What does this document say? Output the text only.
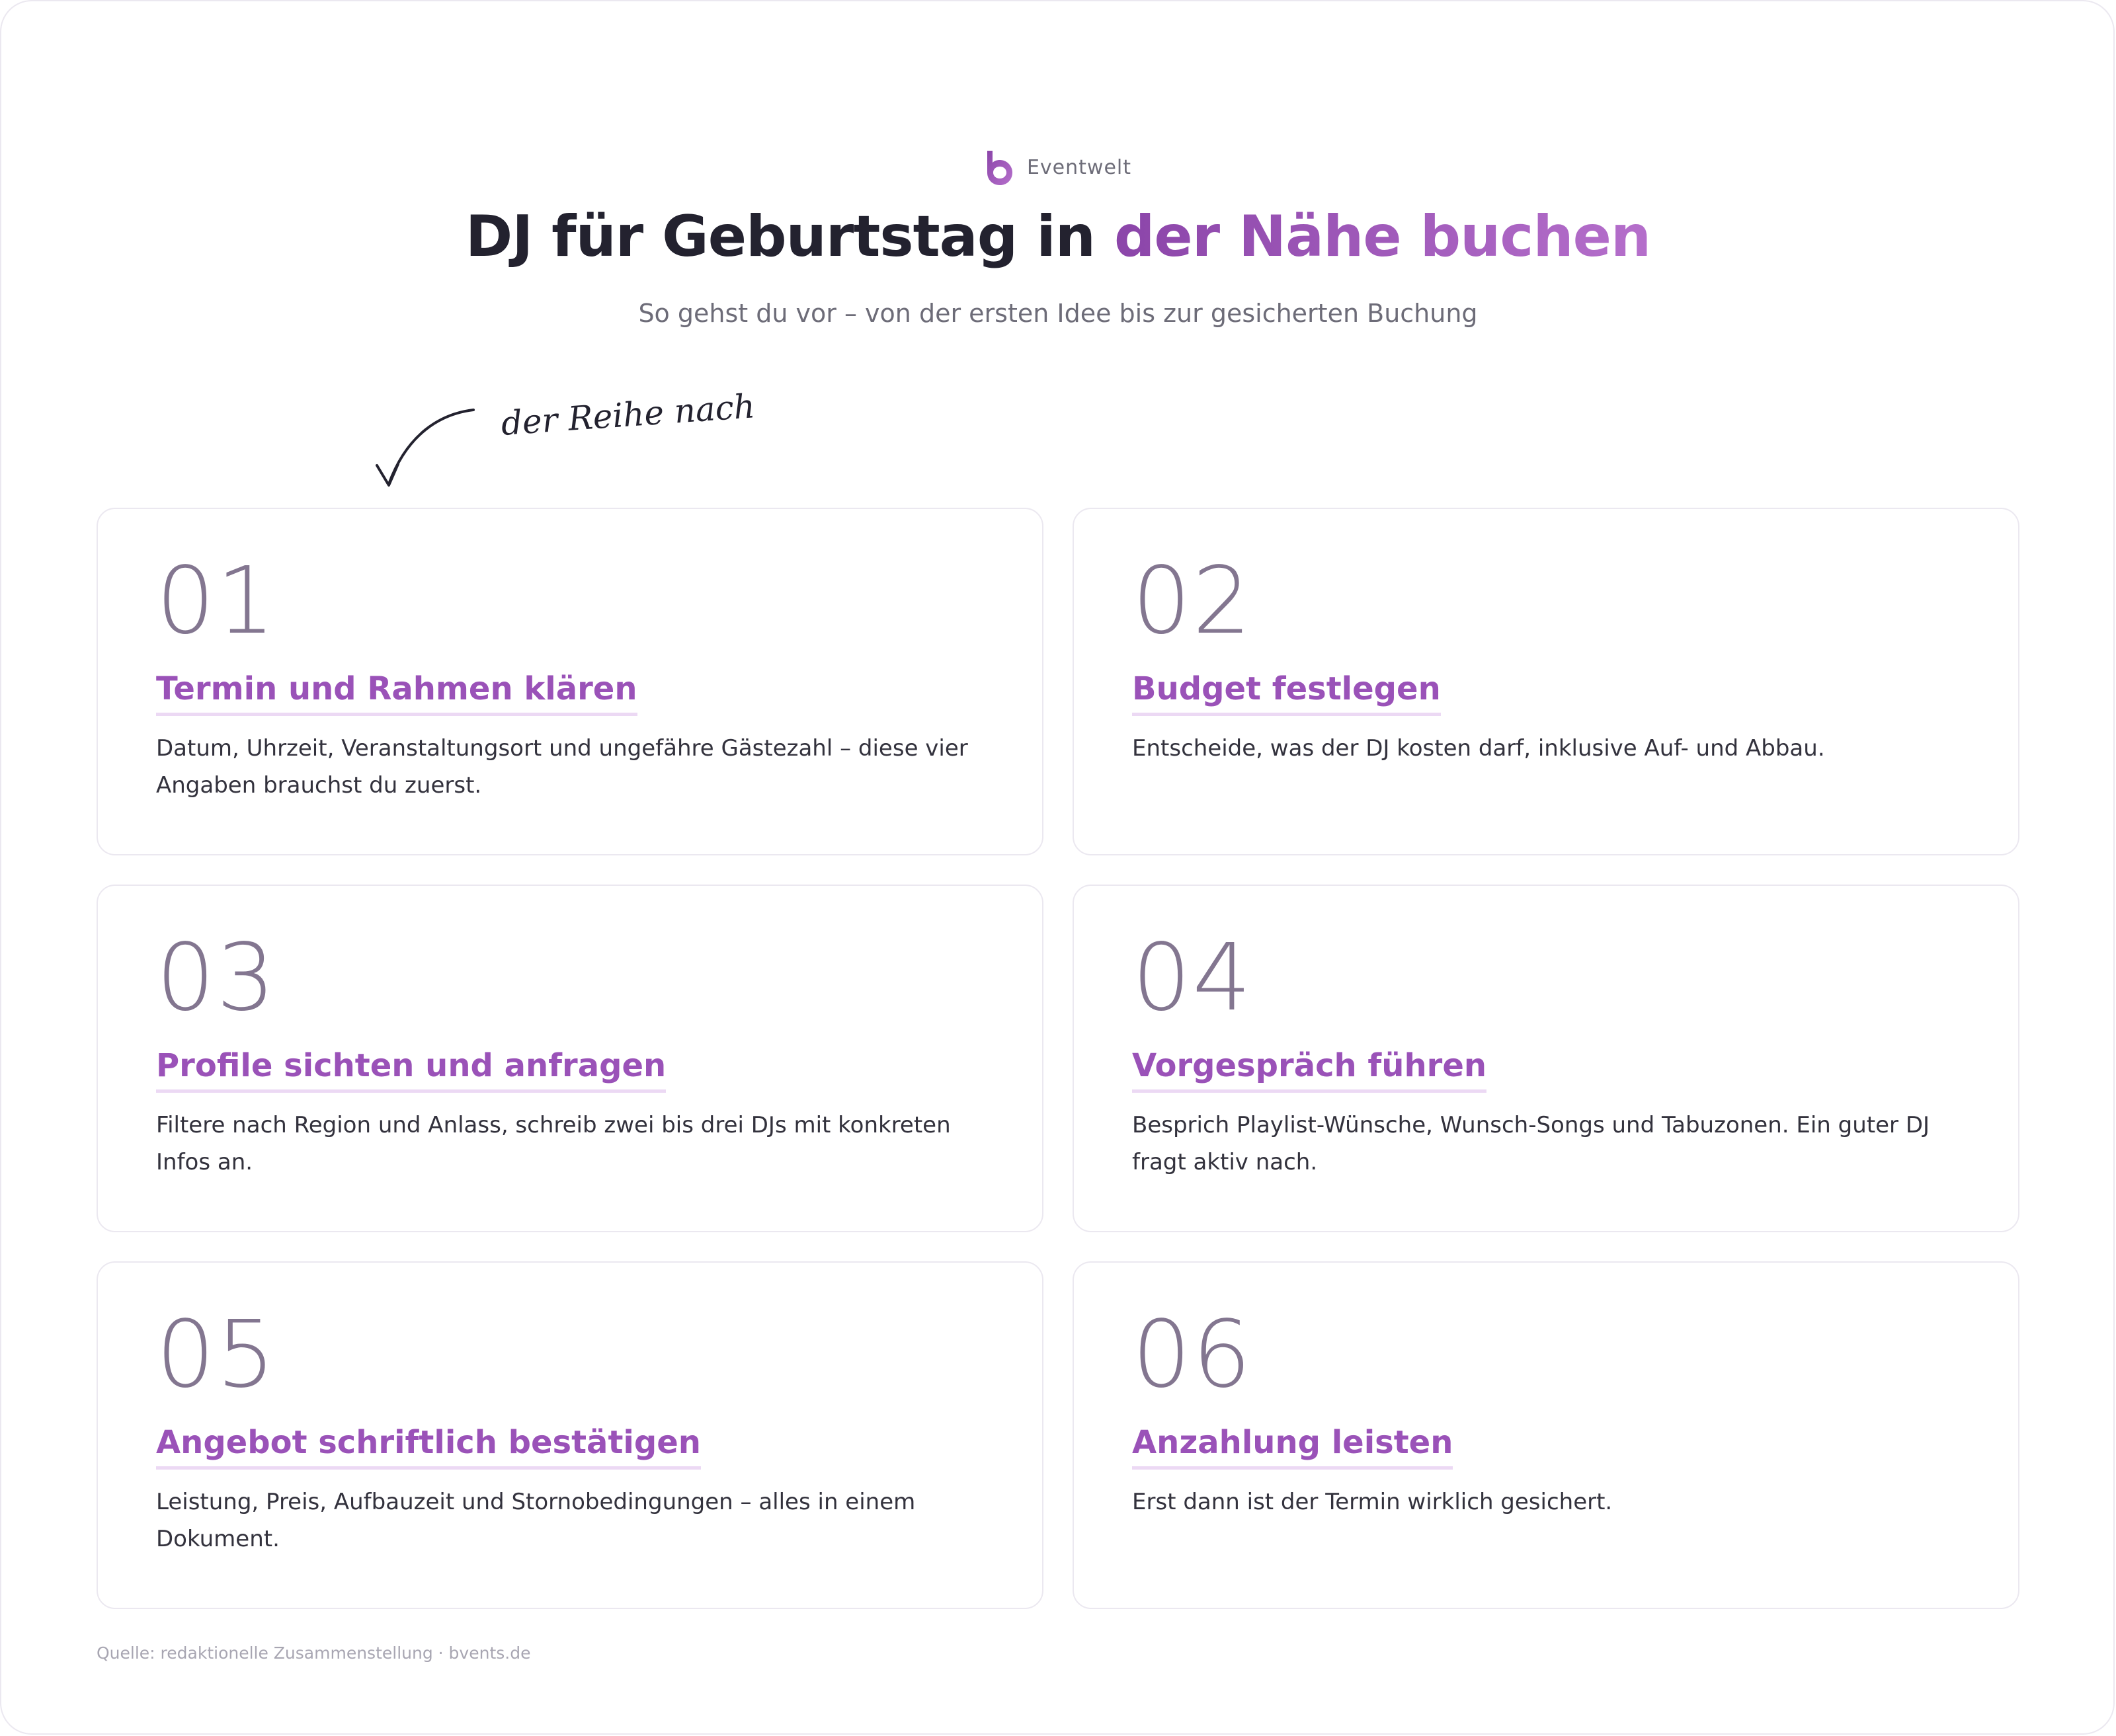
Eventwelt
DJ für Geburtstag in der Nähe buchen
So gehst du vor – von der ersten Idee bis zur gesicherten Buchung
der Reihe nach
01
Termin und Rahmen klären
Datum, Uhrzeit, Veranstaltungsort und ungefähre Gästezahl – diese vier Angaben brauchst du zuerst.
02
Budget festlegen
Entscheide, was der DJ kosten darf, inklusive Auf- und Abbau.
03
Profile sichten und anfragen
Filtere nach Region und Anlass, schreib zwei bis drei DJs mit konkreten Infos an.
04
Vorgespräch führen
Besprich Playlist-Wünsche, Wunsch-Songs und Tabuzonen. Ein guter DJ fragt aktiv nach.
05
Angebot schriftlich bestätigen
Leistung, Preis, Aufbauzeit und Stornobedingungen – alles in einem Dokument.
06
Anzahlung leisten
Erst dann ist der Termin wirklich gesichert.
Quelle: redaktionelle Zusammenstellung · bvents.de
